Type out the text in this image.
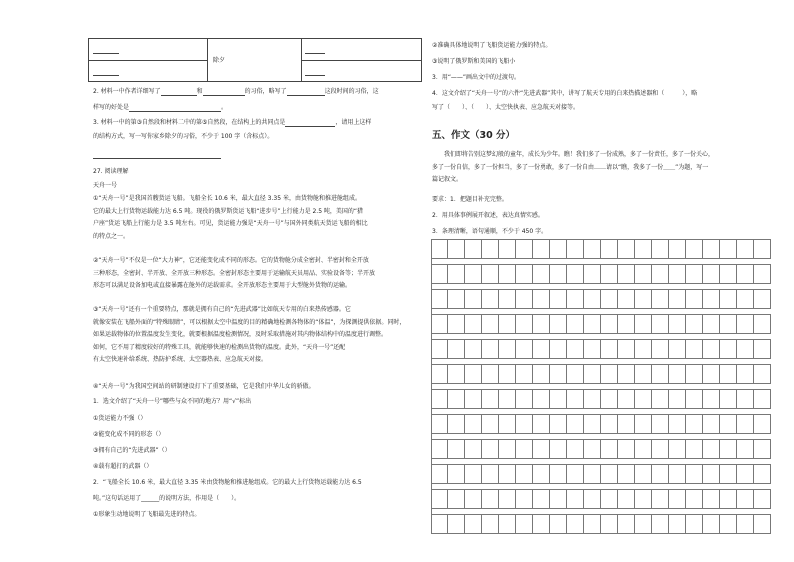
除夕
2. 材料一中作者详细写了	和	的习俗，略写了	这段时间的习俗，这
样写的好处是	。
3. 材料一中的第③自然段和材料二中的第⑤自然段，在结构上的共同点是	，请用上这样
的结构方式，写一写你家乡除夕的习俗，不少于 100 字（含标点）。
27. 阅读理解
天舟一号
①“天舟一号”是我国首艘货运飞船。飞船全长 10.6 米，最大直径 3.35 米，由货物舱和推进舱组成。
它的最大上行货物运载能力达 6.5 吨。现役的俄罗斯货运飞船“进步号”上行能力是 2.5 吨，美国的“猎
户座”货运飞船上行能力是 3.5 吨左右。可见，货运能力强是“天舟一号”与国外同类航天货运飞船的相比
的特点之一。
②“天舟一号”不仅是一位“大力神”，它还能变化成不同的形态。它的货物舱分成全密封、半密封和全开放
三种形态，全密封、半开放、全开放三种形态。全密封形态主要用于运输航天员用品、实验设备等；半开放
形态可以满足设备加电或直接暴露在舱外的运载需求。全开放形态主要用于大型舱外货物的运输。
③“天舟一号”还有一个重要特点，那就是拥有自己的“先进武器”比如航天专用的白来热传感器。它
就像安装在飞船外面的“特殊眼睛”，可以根据太空中温度的目的精确地检测各物体的“体温”，为探测提供依据。同时，
如果运载物体的位置温度发生变化，就要根据温度检测情况，及时采取措施对其内物体结构中的温度进行调整。
如何，它不用了精度较好的特殊工具，就能够快速的检测出货物的温度。此外，“天舟一号”还配
有太空快速补给系统、热防护系统、太空器热表、应急航天对接。
④“天舟一号”为我国空间站的研制建设打下了重要基础，它是我们中华儿女的骄傲。
1．选文介绍了“天舟一号”哪些与众不同的地方？用“√”标出
①货运能力不强（）
②能变化成不同的形态（）
③拥有自己的“先进武器”（）
④载有超打的武器（）
2．“飞船全长 10.6 米，最大直径 3.35 米由货物舱和推进舱组成。它的最大上行货物运载能力达 6.5
吨。”这句话运用了______的说明方法，作用是（　　）。
①形象生动地说明了飞船最先进的特点。
②准确具体地说明了飞船货运能力强的特点。
③说明了俄罗斯和美国的飞船小
3．用“——”画出文中的过渡句。
4．这文介绍了“天舟一号”的六件“先进武器”其中，讲写了航天专用的白来热描述器和（　　　），略
写了（　　）、（　　）、太空快执表、应急航天对接等。
五、作文（30 分）
我们即将告别这梦幻般的童年，成长为少年。瞧！我们多了一份成熟，多了一份责任，多了一份关心，
多了一份自信，多了一份担当，多了一份勇敢，多了一份自由……请以“瞧，我多了一份＿＿”为题，写一
篇记叙文。
要求：1．把题目补充完整。
2．用具体事例展开叙述，表达真情实感。
3．条理清晰，语句通顺，不少于 450 字。
